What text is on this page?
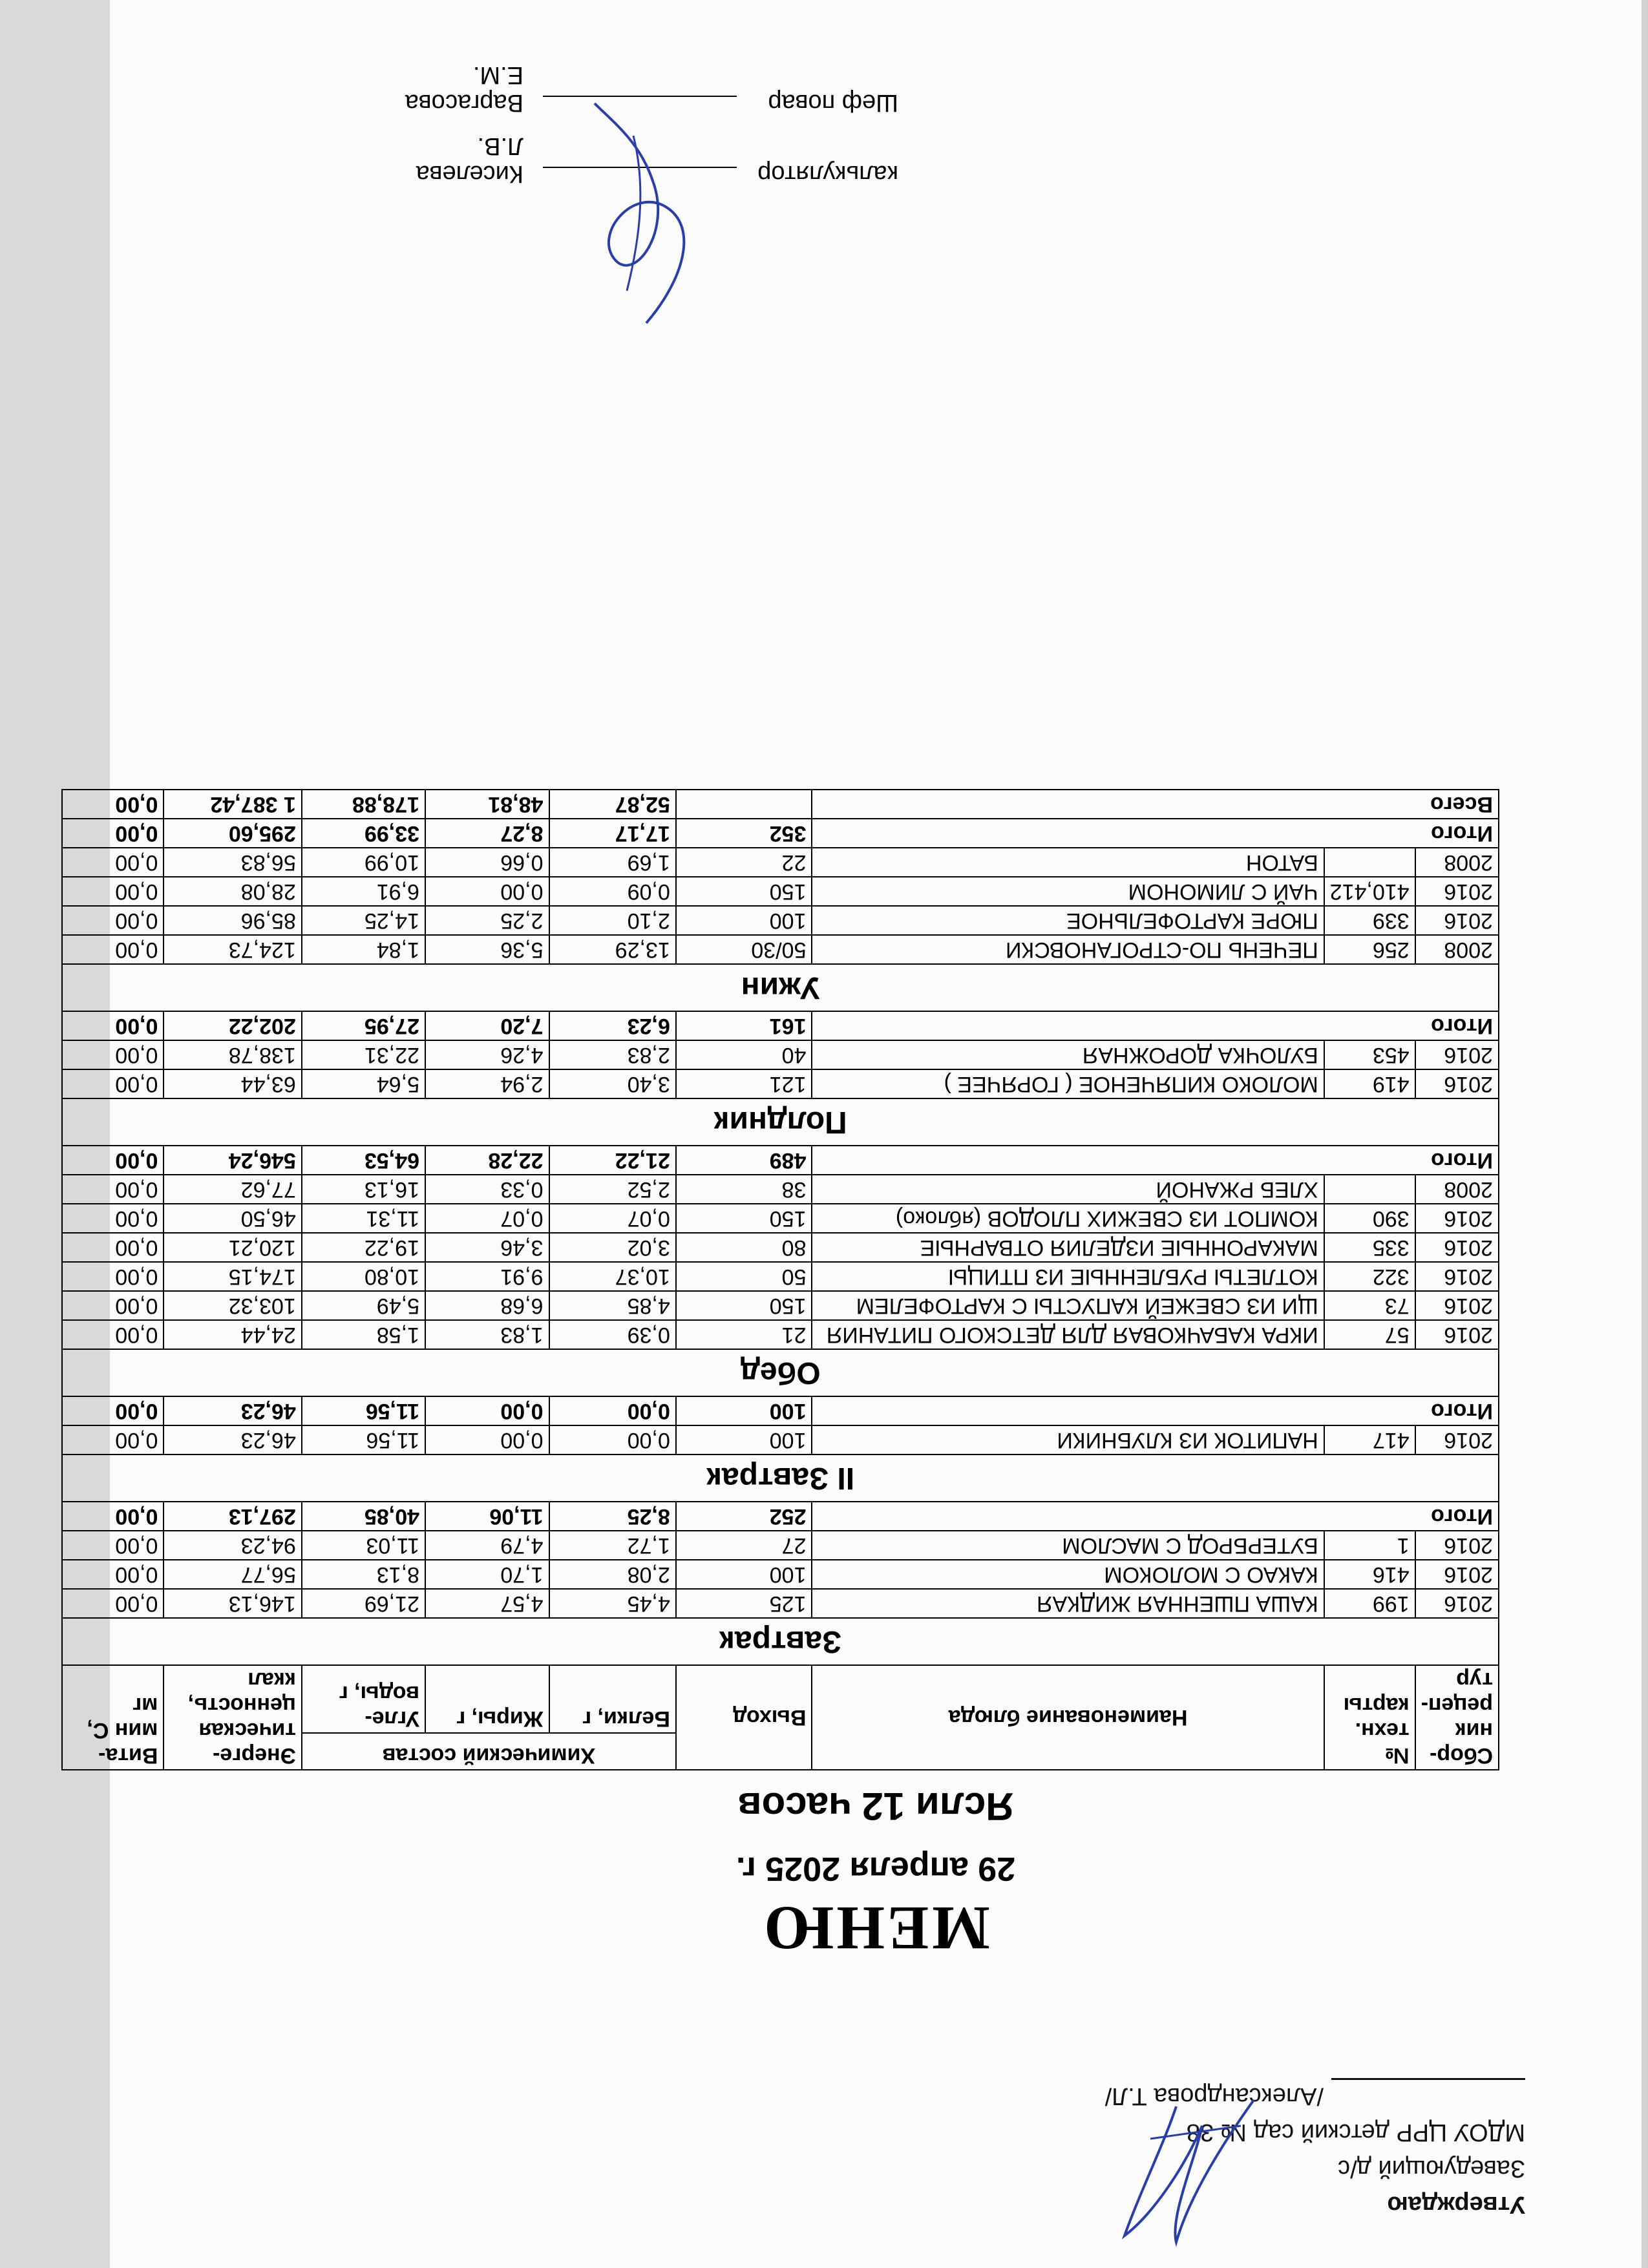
Утверждаю
Заведующий д/с
МДОУ ЦРР детский сад № 38
/Александрова Т.Л/
МЕНЮ
29 апреля 2025 г.
Ясли 12 часов
Сбор-ник рецеп-тур	№ техн. карты	Наименование блюда	Выход	Химический состав			Энерге-тическая ценность, ккал	Вита-мин С, мг
				Белки, г	Жиры, г	Угле-воды, г		
Завтрак								
2016	199	КАША ПШЕННАЯ ЖИДКАЯ	125	4,45	4,57	21,69	146,13	0,00
2016	416	КАКАО С МОЛОКОМ	100	2,08	1,70	8,13	56,77	0,00
2016	1	БУТЕРБРОД С МАСЛОМ	27	1,72	4,79	11,03	94,23	0,00
Итого			252	8,25	11,06	40,85	297,13	0,00
II Завтрак								
2016	417	НАПИТОК ИЗ КЛУБНИКИ	100	0,00	0,00	11,56	46,23	0,00
Итого			100	0,00	0,00	11,56	46,23	0,00
Обед								
2016	57	ИКРА КАБАЧКОВАЯ ДЛЯ ДЕТСКОГО ПИТАНИЯ	21	0,39	1,83	1,58	24,44	0,00
2016	73	ЩИ ИЗ СВЕЖЕЙ КАПУСТЫ С КАРТОФЕЛЕМ	150	4,85	6,68	5,49	103,32	0,00
2016	322	КОТЛЕТЫ РУБЛЕННЫЕ ИЗ ПТИЦЫ	50	10,37	9,91	10,80	174,15	0,00
2016	335	МАКАРОННЫЕ ИЗДЕЛИЯ ОТВАРНЫЕ	80	3,02	3,46	19,22	120,21	0,00
2016	390	КОМПОТ ИЗ СВЕЖИХ ПЛОДОВ (яблоко)	150	0,07	0,07	11,31	46,50	0,00
2008		ХЛЕБ РЖАНОЙ	38	2,52	0,33	16,13	77,62	0,00
Итого			489	21,22	22,28	64,53	546,24	0,00
Полдник								
2016	419	МОЛОКО КИПЯЧЕНОЕ ( ГОРЯЧЕЕ )	121	3,40	2,94	5,64	63,44	0,00
2016	453	БУЛОЧКА ДОРОЖНАЯ	40	2,83	4,26	22,31	138,78	0,00
Итого			161	6,23	7,20	27,95	202,22	0,00
Ужин								
2008	256	ПЕЧЕНЬ ПО-СТРОГАНОВСКИ	50/30	13,29	5,36	1,84	124,73	0,00
2016	339	ПЮРЕ КАРТОФЕЛЬНОЕ	100	2,10	2,25	14,25	85,96	0,00
2016	410,412	ЧАЙ С ЛИМОНОМ	150	0,09	0,00	6,91	28,08	0,00
2008		БАТОН	22	1,69	0,66	10,99	56,83	0,00
Итого			352	17,17	8,27	33,99	295,60	0,00
Всего				52,87	48,81	178,88	1 387,42	0,00
калькулятор
Киселева Л.В.
Шеф повар
Варгасова Е.М.
